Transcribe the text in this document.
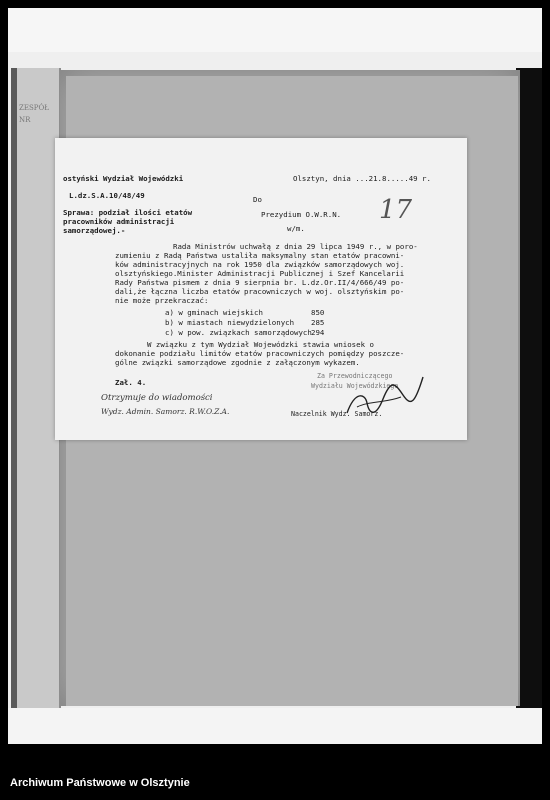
ZESPÓŁ NR
ostyński Wydział Wojewódzki	Olsztyn, dnia ...21.8.....49 r.
L.dz.S.A.10/48/49
Sprawa: podział ilości etatów
pracowników administracji
samorządowej.-
Do
Prezydium O.W.R.N.
w/m.
17
Rada Ministrów uchwałą z dnia 29 lipca 1949 r., w poro-
zumieniu z Radą Państwa ustaliła maksymalny stan etatów pracowni-
ków administracyjnych na rok 1950 dla związków samorządowych woj.
olsztyńskiego.Minister Administracji Publicznej i Szef Kancelarii
Rady Państwa pismem z dnia 9 sierpnia br. L.dz.Or.II/4/666/49 po-
dali,że łączna liczba etatów pracowniczych w woj. olsztyńskim po-
nie może przekraczać:
a) w gminach wiejskich	850
b) w miastach niewydzielonych 285
c) w pow. związkach samorządowych 294
W związku z tym Wydział Wojewódzki stawia wniosek o
dokonanie podziału limitów etatów pracowniczych pomiędzy poszcze-
gólne związki samorządowe zgodnie z załączonym wykazem.
Zał. 4.
Otrzymuje do wiadomości
Wydz. Admin. Samorz. R.W.O.Z.A.
Za Przewodniczącego
Wydziału Wojewódzkiego
Naczelnik Wydz. Samorz.
Archiwum Państwowe w Olsztynie
